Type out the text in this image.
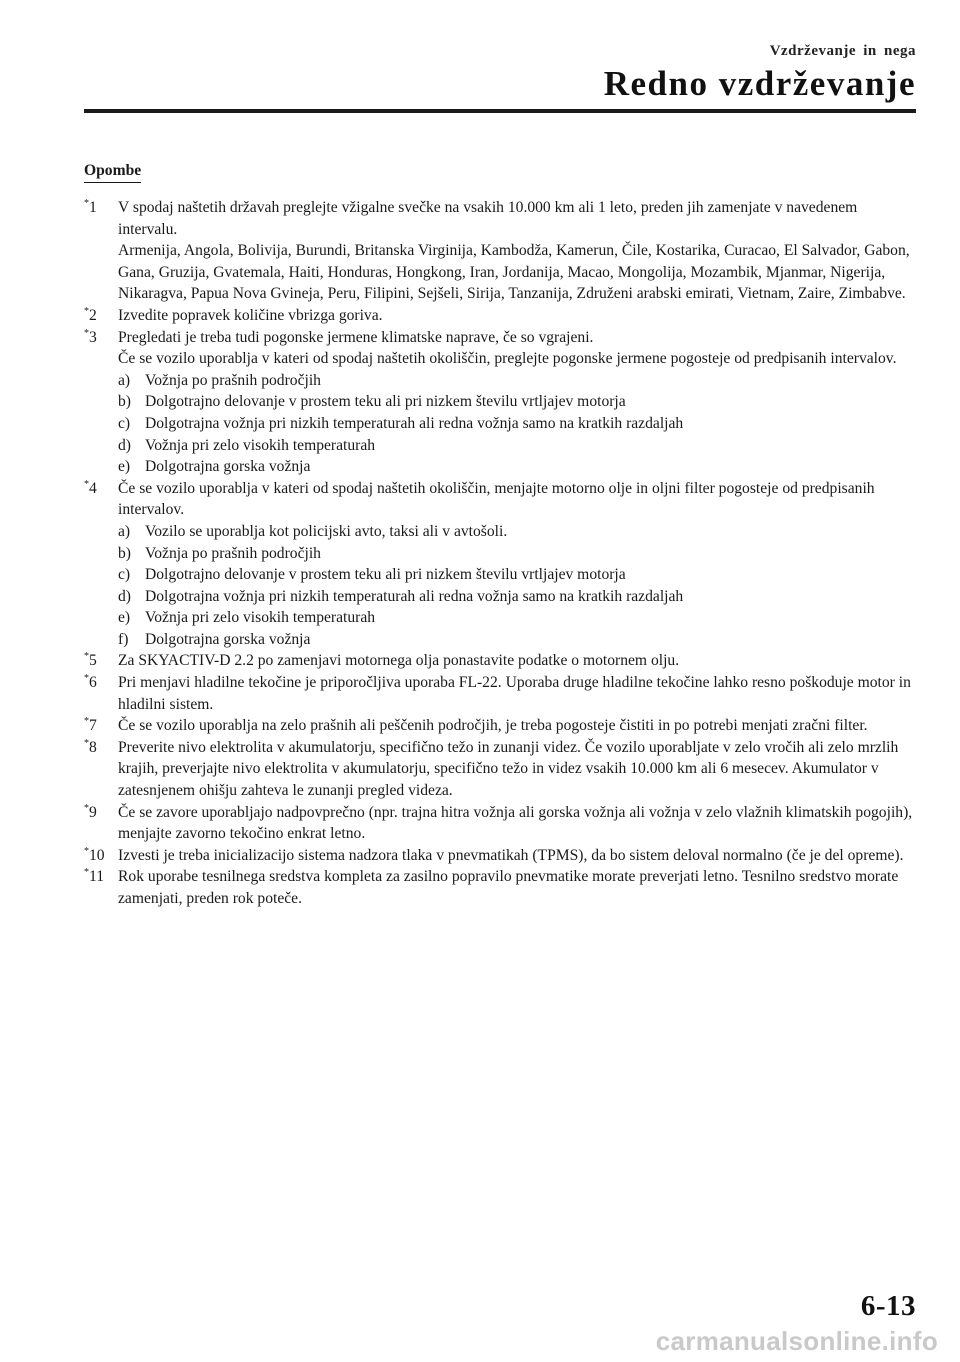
Vzdrževanje in nega
Redno vzdrževanje
Opombe
*1 V spodaj naštetih državah preglejte vžigalne svečke na vsakih 10.000 km ali 1 leto, preden jih zamenjate v navedenem intervalu.
Armenija, Angola, Bolivija, Burundi, Britanska Virginija, Kambodža, Kamerun, Čile, Kostarika, Curacao, El Salvador, Gabon, Gana, Gruzija, Gvatemala, Haiti, Honduras, Hongkong, Iran, Jordanija, Macao, Mongolija, Mozambik, Mjanmar, Nigerija, Nikaragva, Papua Nova Gvineja, Peru, Filipini, Sejšeli, Sirija, Tanzanija, Združeni arabski emirati, Vietnam, Zaire, Zimbabve.
*2 Izvedite popravek količine vbrizga goriva.
*3 Pregledati je treba tudi pogonske jermene klimatske naprave, če so vgrajeni.
Če se vozilo uporablja v kateri od spodaj naštetih okoliščin, preglejte pogonske jermene pogosteje od predpisanih intervalov.
a) Vožnja po prašnih področjih
b) Dolgotrajno delovanje v prostem teku ali pri nizkem številu vrtljajev motorja
c) Dolgotrajna vožnja pri nizkih temperaturah ali redna vožnja samo na kratkih razdaljah
d) Vožnja pri zelo visokih temperaturah
e) Dolgotrajna gorska vožnja
*4 Če se vozilo uporablja v kateri od spodaj naštetih okoliščin, menjajte motorno olje in oljni filter pogosteje od predpisanih intervalov.
a) Vozilo se uporablja kot policijski avto, taksi ali v avtošoli.
b) Vožnja po prašnih področjih
c) Dolgotrajno delovanje v prostem teku ali pri nizkem številu vrtljajev motorja
d) Dolgotrajna vožnja pri nizkih temperaturah ali redna vožnja samo na kratkih razdaljah
e) Vožnja pri zelo visokih temperaturah
f) Dolgotrajna gorska vožnja
*5 Za SKYACTIV-D 2.2 po zamenjavi motornega olja ponastavite podatke o motornem olju.
*6 Pri menjavi hladilne tekočine je priporočljiva uporaba FL-22. Uporaba druge hladilne tekočine lahko resno poškoduje motor in hladilni sistem.
*7 Če se vozilo uporablja na zelo prašnih ali peščenih področjih, je treba pogosteje čistiti in po potrebi menjati zračni filter.
*8 Preverite nivo elektrolita v akumulatorju, specifično težo in zunanji videz. Če vozilo uporabljate v zelo vročih ali zelo mrzlih krajih, preverjajte nivo elektrolita v akumulatorju, specifično težo in videz vsakih 10.000 km ali 6 mesecev. Akumulator v zatesnjenem ohišju zahteva le zunanji pregled videza.
*9 Če se zavore uporabljajo nadpovprečno (npr. trajna hitra vožnja ali gorska vožnja ali vožnja v zelo vlažnih klimatskih pogojih), menjajte zavorno tekočino enkrat letno.
*10 Izvesti je treba inicializacijo sistema nadzora tlaka v pnevmatikah (TPMS), da bo sistem deloval normalno (če je del opreme).
*11 Rok uporabe tesnilnega sredstva kompleta za zasilno popravilo pnevmatike morate preverjati letno. Tesnilno sredstvo morate zamenjati, preden rok poteče.
6-13
carmanualsonline.info
